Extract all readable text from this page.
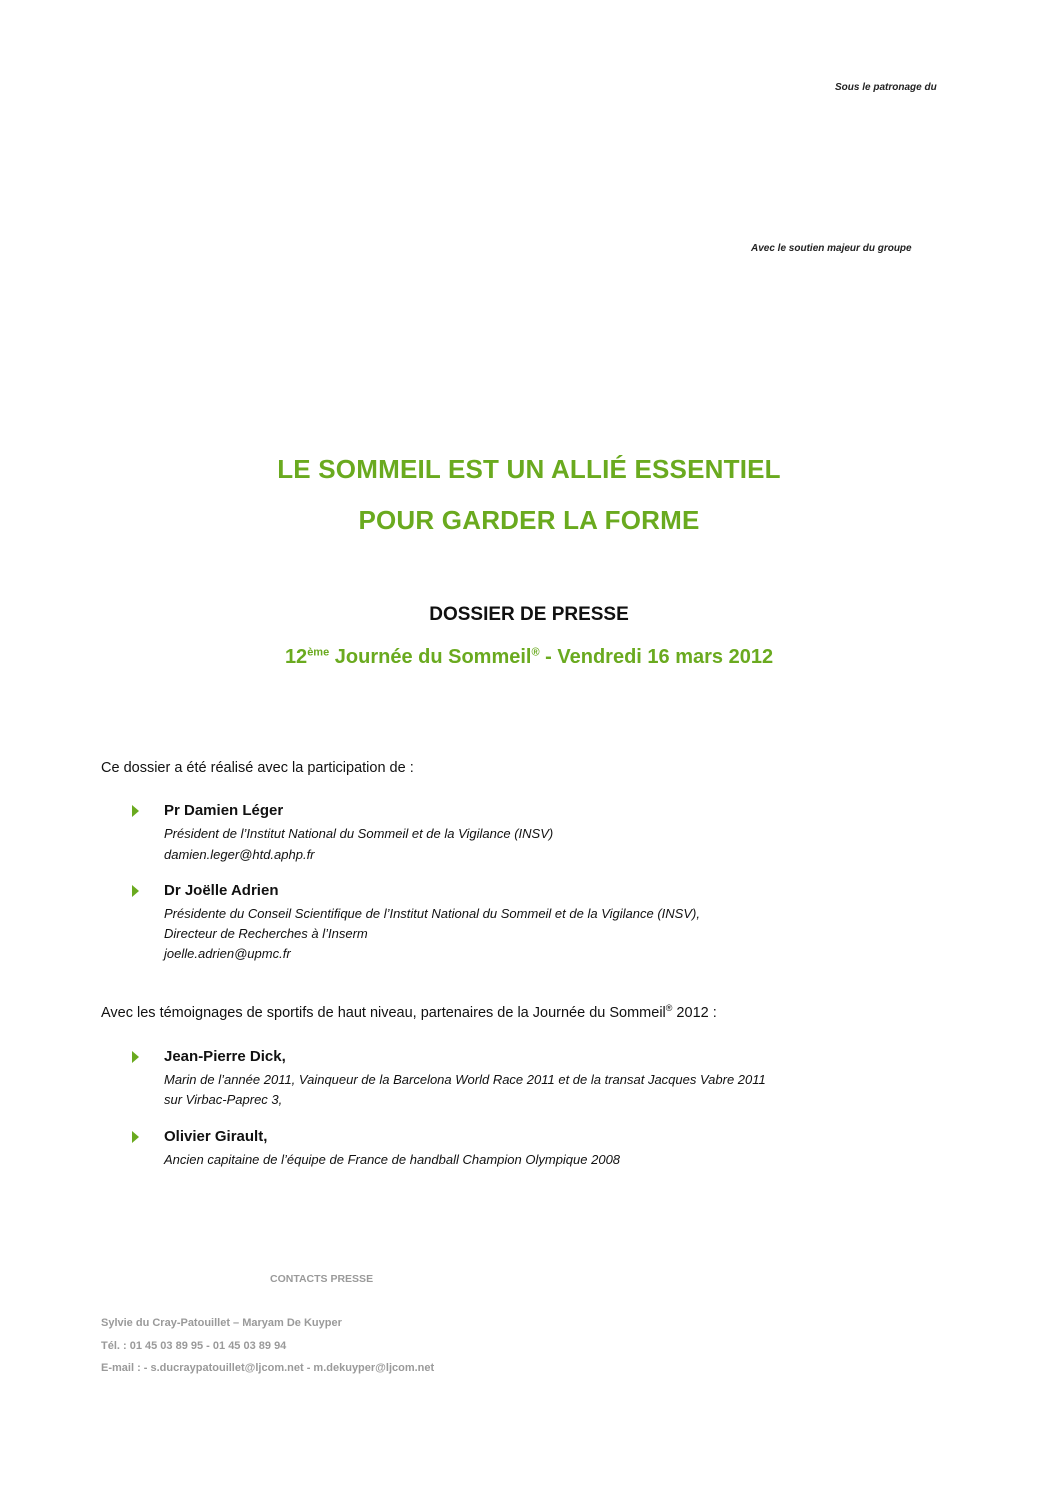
Sous le patronage du
Avec le soutien majeur du groupe
LE SOMMEIL EST UN ALLIÉ ESSENTIEL
POUR GARDER LA FORME
DOSSIER DE PRESSE
12ème Journée du Sommeil® - Vendredi 16 mars 2012
Ce dossier a été réalisé avec la participation de :
Pr Damien Léger
Président de l’Institut National du Sommeil et de la Vigilance (INSV)
damien.leger@htd.aphp.fr
Dr Joëlle Adrien
Présidente du Conseil Scientifique de l’Institut National du Sommeil et de la Vigilance (INSV),
Directeur de Recherches à l’Inserm
joelle.adrien@upmc.fr
Avec les témoignages de sportifs de haut niveau, partenaires de la Journée du Sommeil® 2012 :
Jean-Pierre Dick,
Marin de l’année 2011, Vainqueur de la Barcelona World Race 2011 et de la transat Jacques Vabre 2011
sur Virbac-Paprec 3,
Olivier Girault,
Ancien capitaine de l’équipe de France de handball Champion Olympique 2008
CONTACTS PRESSE
Sylvie du Cray-Patouillet – Maryam De Kuyper
Tél. : 01 45 03 89 95 - 01 45 03 89 94
E-mail : - s.ducraypatouillet@ljcom.net - m.dekuyper@ljcom.net
